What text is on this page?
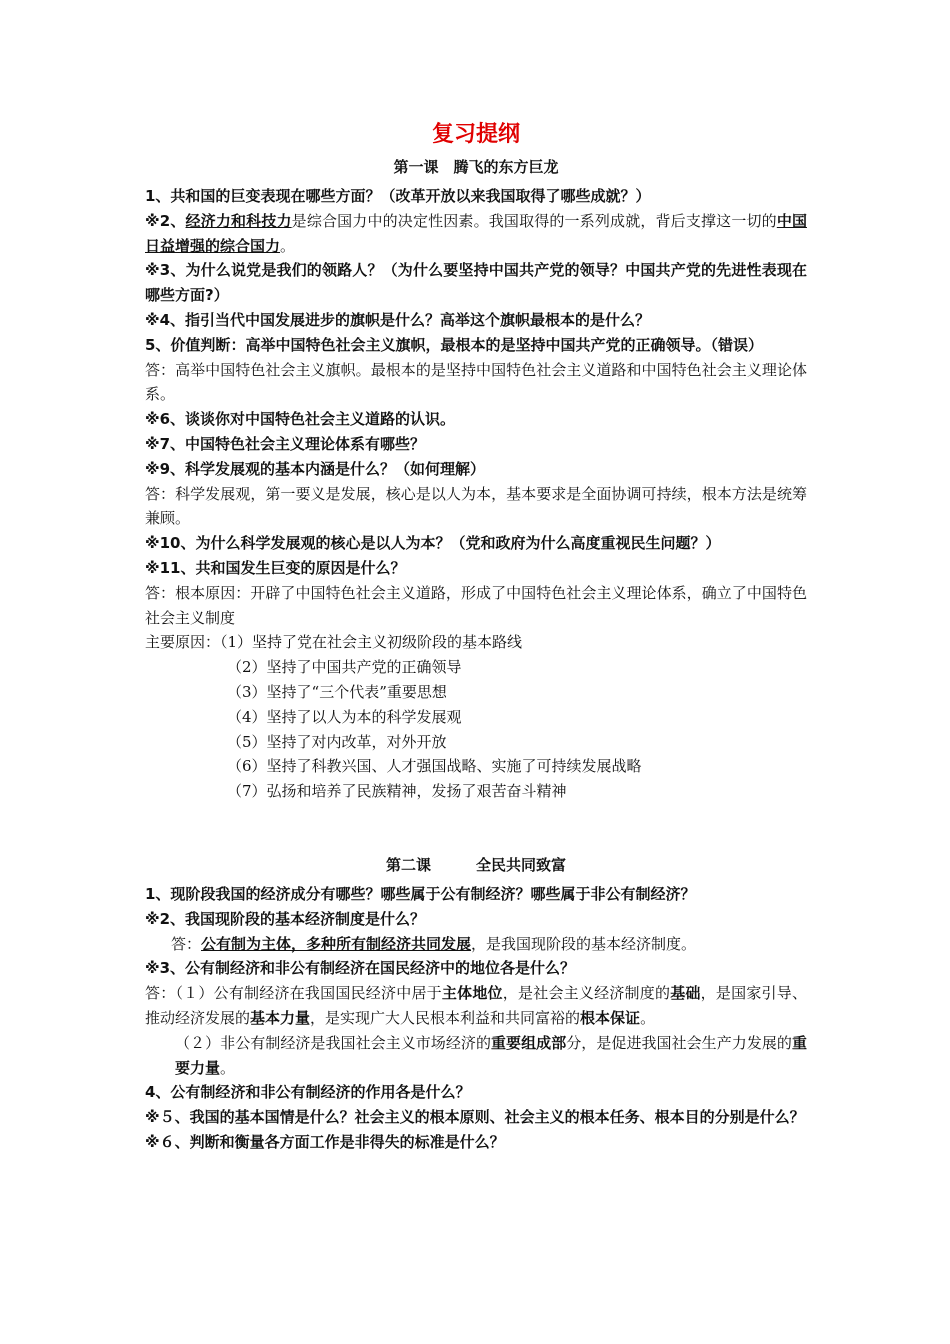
复习提纲
第一课　腾飞的东方巨龙

1、共和国的巨变表现在哪些方面？（改革开放以来我国取得了哪些成就？）

※2、经济力和科技力是综合国力中的决定性因素。我国取得的一系列成就，背后支撑这一切的中国日益增强的综合国力。

※3、为什么说党是我们的领路人？（为什么要坚持中国共产党的领导？中国共产党的先进性表现在哪些方面?）

※4、指引当代中国发展进步的旗帜是什么？高举这个旗帜最根本的是什么？

5、价值判断：高举中国特色社会主义旗帜，最根本的是坚持中国共产党的正确领导。（错误）

答：高举中国特色社会主义旗帜。最根本的是坚持中国特色社会主义道路和中国特色社会主义理论体系。

※6、谈谈你对中国特色社会主义道路的认识。

※7、中国特色社会主义理论体系有哪些？

※9、科学发展观的基本内涵是什么？（如何理解）

答：科学发展观，第一要义是发展，核心是以人为本，基本要求是全面协调可持续，根本方法是统筹兼顾。

※10、为什么科学发展观的核心是以人为本？（党和政府为什么高度重视民生问题？）

※11、共和国发生巨变的原因是什么？

答：根本原因：开辟了中国特色社会主义道路，形成了中国特色社会主义理论体系，确立了中国特色社会主义制度

主要原因：（1）坚持了党在社会主义初级阶段的基本路线

（2）坚持了中国共产党的正确领导

（3）坚持了“三个代表”重要思想

（4）坚持了以人为本的科学发展观

（5）坚持了对内改革，对外开放

（6）坚持了科教兴国、人才强国战略、实施了可持续发展战略

（7）弘扬和培养了民族精神，发扬了艰苦奋斗精神

第二课　　　全民共同致富

1、现阶段我国的经济成分有哪些？哪些属于公有制经济？哪些属于非公有制经济？

※2、我国现阶段的基本经济制度是什么？

答：公有制为主体，多种所有制经济共同发展，是我国现阶段的基本经济制度。

※3、公有制经济和非公有制经济在国民经济中的地位各是什么？

答：（１）公有制经济在我国国民经济中居于主体地位，是社会主义经济制度的基础，是国家引导、推动经济发展的基本力量，是实现广大人民根本利益和共同富裕的根本保证。

（２）非公有制经济是我国社会主义市场经济的重要组成部分，是促进我国社会生产力发展的重要力量。

4、公有制经济和非公有制经济的作用各是什么？

※５、我国的基本国情是什么？社会主义的根本原则、社会主义的根本任务、根本目的分别是什么？

※６、判断和衡量各方面工作是非得失的标准是什么？
